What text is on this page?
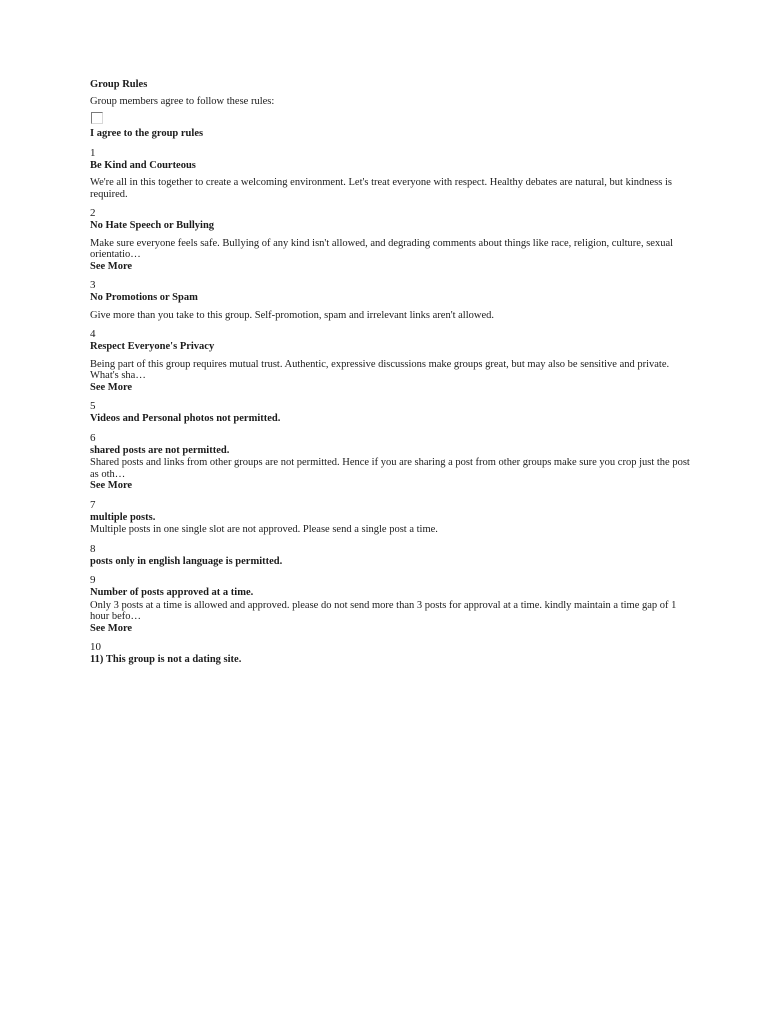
Group Rules
Group members agree to follow these rules:
I agree to the group rules
1
Be Kind and Courteous
We're all in this together to create a welcoming environment. Let's treat everyone with respect. Healthy debates are natural, but kindness is required.
2
No Hate Speech or Bullying
Make sure everyone feels safe. Bullying of any kind isn't allowed, and degrading comments about things like race, religion, culture, sexual orientatio…
See More
3
No Promotions or Spam
Give more than you take to this group. Self-promotion, spam and irrelevant links aren't allowed.
4
Respect Everyone's Privacy
Being part of this group requires mutual trust. Authentic, expressive discussions make groups great, but may also be sensitive and private. What's sha…
See More
5
Videos and Personal photos not permitted.
6
shared posts are not permitted.
Shared posts and links from other groups are not permitted. Hence if you are sharing a post from other groups make sure you crop just the post as oth…
See More
7
multiple posts.
Multiple posts in one single slot are not approved. Please send a single post a time.
8
posts only in english language is permitted.
9
Number of posts approved at a time.
Only 3 posts at a time is allowed and approved. please do not send more than 3 posts for approval at a time. kindly maintain a time gap of 1 hour befo…
See More
10
11) This group is not a dating site.
